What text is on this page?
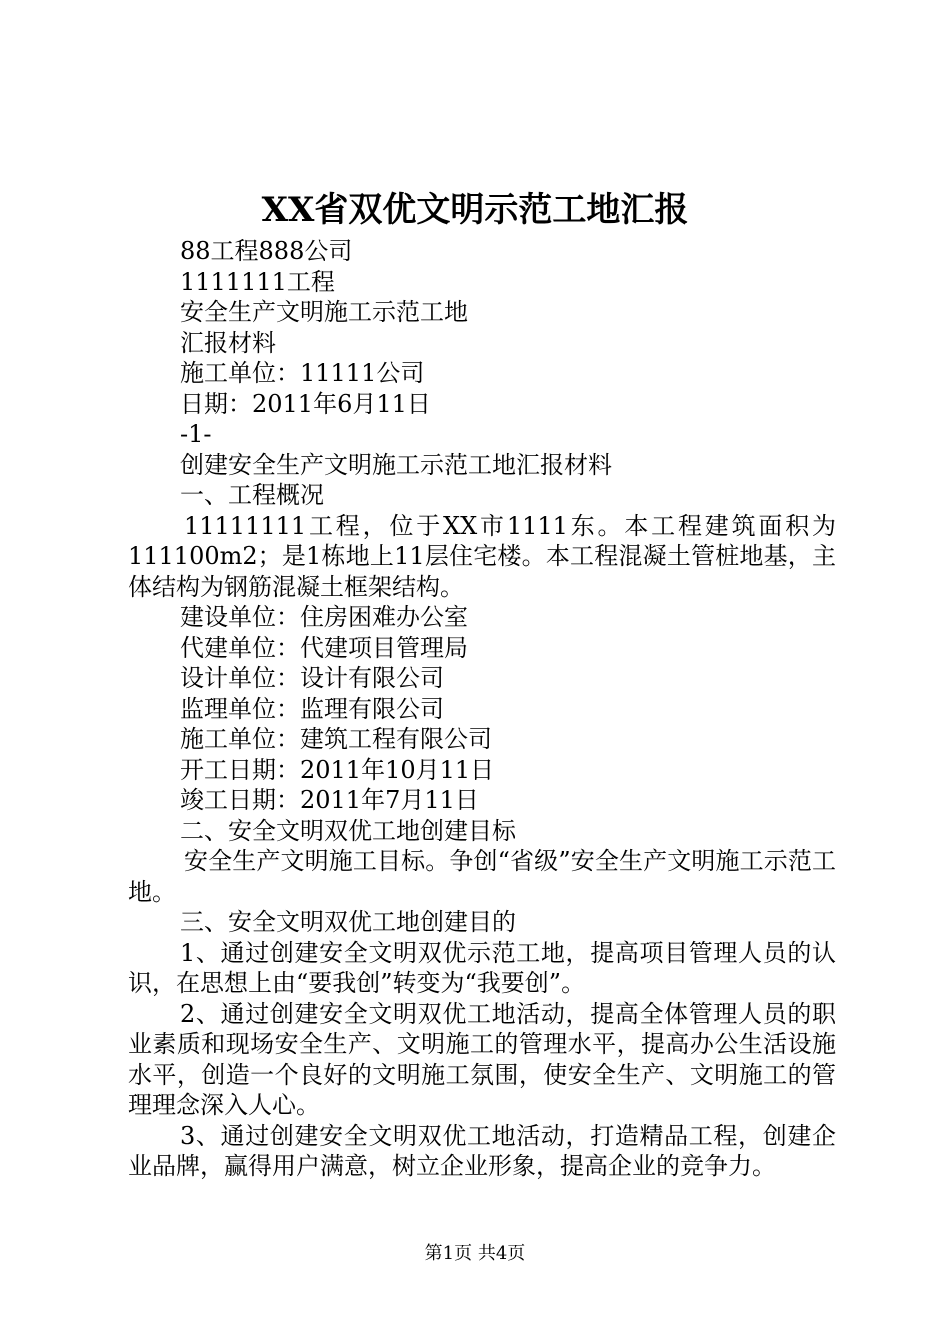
XX省双优文明示范工地汇报

88工程888公司

1111111工程

安全生产文明施工示范工地

汇报材料

施工单位：11111公司

日期：2011年6月11日

-1-

创建安全生产文明施工示范工地汇报材料

一、工程概况

11111111工程，位于XX市1111东。本工程建筑面积为111100m2；是1栋地上11层住宅楼。本工程混凝土管桩地基，主体结构为钢筋混凝土框架结构。

建设单位：住房困难办公室

代建单位：代建项目管理局

设计单位：设计有限公司

监理单位：监理有限公司

施工单位：建筑工程有限公司

开工日期：2011年10月11日

竣工日期：2011年7月11日

二、安全文明双优工地创建目标

安全生产文明施工目标。争创“省级”安全生产文明施工示范工地。

三、安全文明双优工地创建目的

1、通过创建安全文明双优示范工地，提高项目管理人员的认识，在思想上由“要我创”转变为“我要创”。

2、通过创建安全文明双优工地活动，提高全体管理人员的职业素质和现场安全生产、文明施工的管理水平，提高办公生活设施水平，创造一个良好的文明施工氛围，使安全生产、文明施工的管理理念深入人心。

3、通过创建安全文明双优工地活动，打造精品工程，创建企业品牌，赢得用户满意，树立企业形象，提高企业的竞争力。

第1页 共4页
